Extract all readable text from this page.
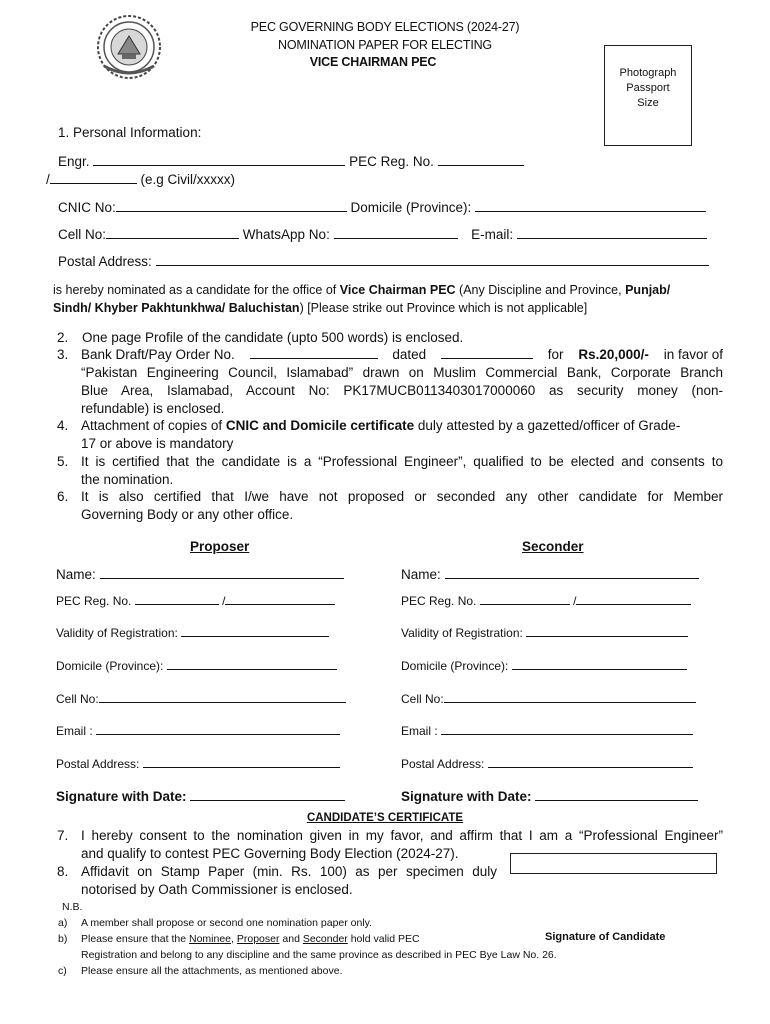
PEC GOVERNING BODY ELECTIONS (2024-27)
NOMINATION PAPER FOR ELECTING
VICE CHAIRMAN PEC
Photograph
Passport
Size
1. Personal Information:
Engr.	PEC Reg. No.
/	(e.g Civil/xxxxx)
CNIC No:	Domicile (Province):
Cell No:	WhatsApp No:	E-mail:
Postal Address:
is hereby nominated as a candidate for the office of Vice Chairman PEC (Any Discipline and Province, Punjab/
Sindh/ Khyber Pakhtunkhwa/ Baluchistan) [Please strike out Province which is not applicable]
2. One page Profile of the candidate (upto 500 words) is enclosed.
3. Bank Draft/Pay Order No.	dated	for Rs.20,000/- in favor of
“Pakistan Engineering Council, Islamabad” drawn on Muslim Commercial Bank, Corporate Branch
Blue Area, Islamabad, Account No: PK17MUCB0113403017000060 as security money (non-
refundable) is enclosed.
4. Attachment of copies of CNIC and Domicile certificate duly attested by a gazetted/officer of Grade-
17 or above is mandatory
5. It is certified that the candidate is a “Professional Engineer”, qualified to be elected and consents to
the nomination.
6. It is also certified that I/we have not proposed or seconded any other candidate for Member
Governing Body or any other office.
Proposer
Name:
PEC Reg. No.	/
Validity of Registration:
Domicile (Province):
Cell No:
Email :
Postal Address:
Signature with Date:
Seconder
Name:
PEC Reg. No.	/
Validity of Registration:
Domicile (Province):
Cell No:
Email :
Postal Address:
Signature with Date:
CANDIDATE’S CERTIFICATE
7. I hereby consent to the nomination given in my favor, and affirm that I am a “Professional Engineer”
and qualify to contest PEC Governing Body Election (2024-27).
8. Affidavit on Stamp Paper (min. Rs. 100) as per specimen duly
notorised by Oath Commissioner is enclosed.
Signature of Candidate
N.B.
a) A member shall propose or second one nomination paper only.
b) Please ensure that the Nominee, Proposer and Seconder hold valid PEC
Registration and belong to any discipline and the same province as described in PEC Bye Law No. 26.
c) Please ensure all the attachments, as mentioned above.
